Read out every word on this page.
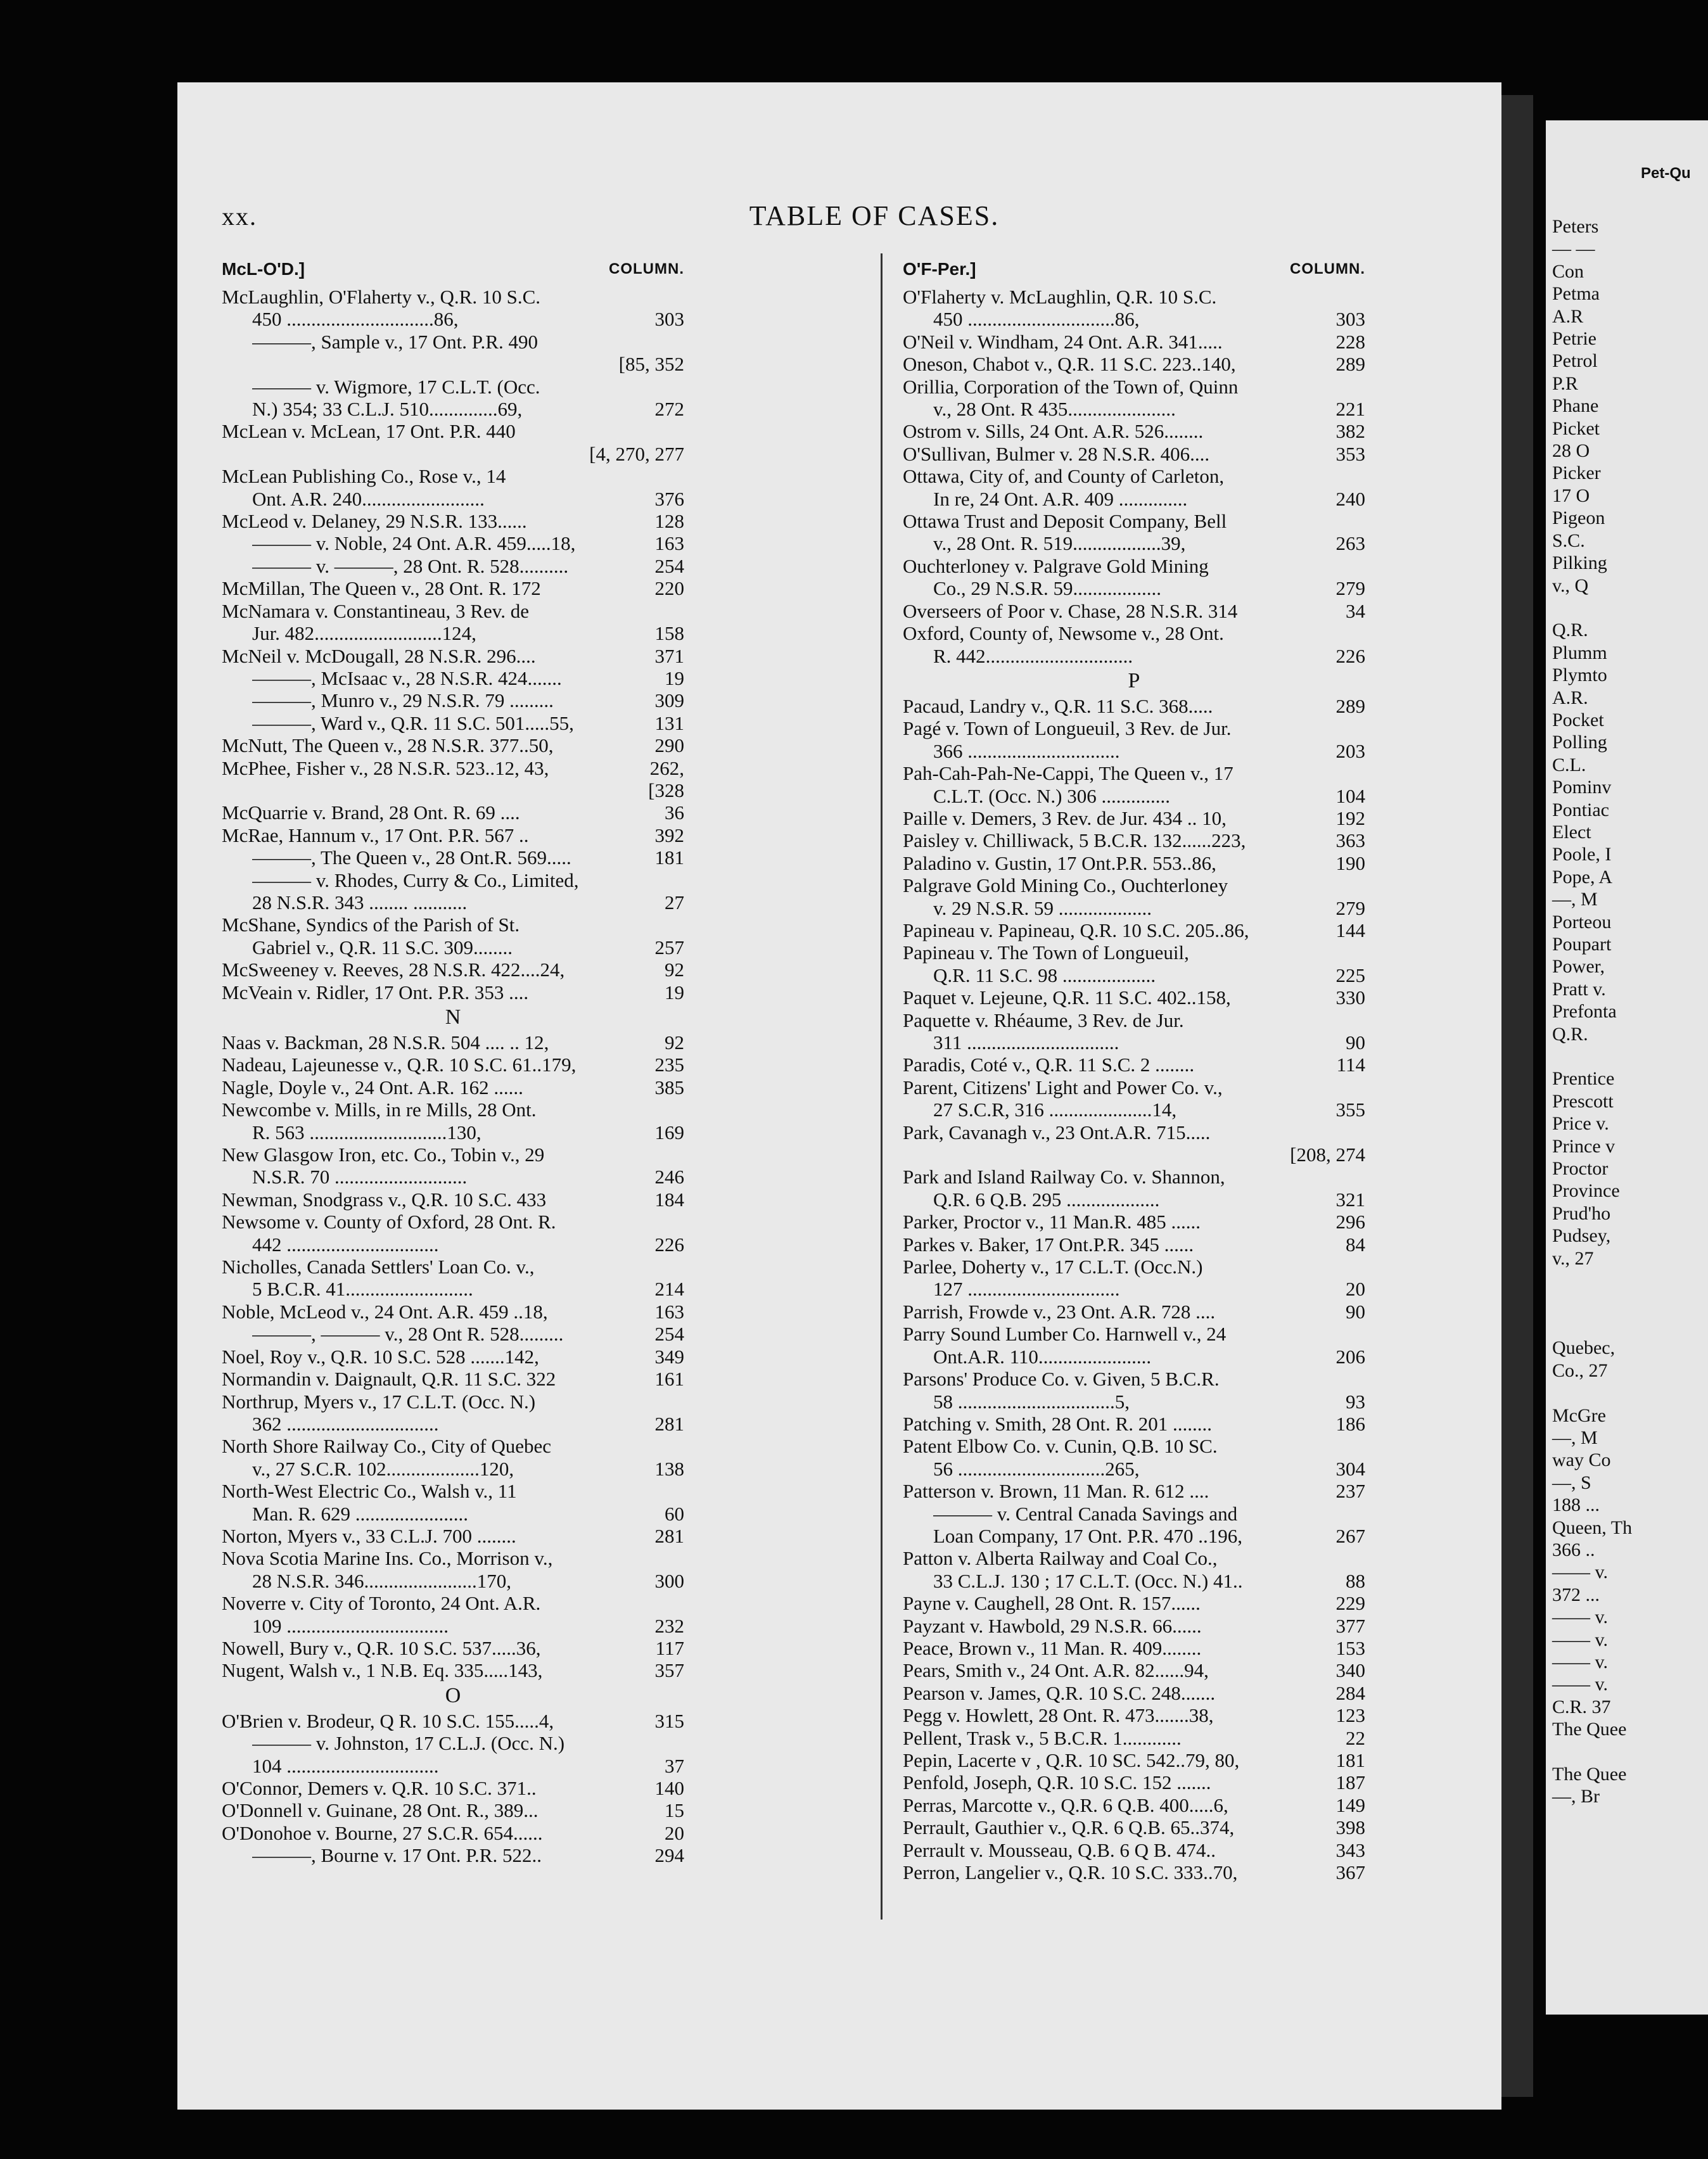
xx.	TABLE OF CASES.
McL-O'D.]	COLUMN.
McLaughlin, O'Flaherty v., Q.R. 10 S.C.
450 ..............................86,	303
———, Sample v., 17 Ont. P.R. 490
[85, 352
——— v. Wigmore, 17 C.L.T. (Occ.
N.) 354; 33 C.L.J. 510..............69,	272
McLean v. McLean, 17 Ont. P.R. 440
[4, 270, 277
McLean Publishing Co., Rose v., 14
Ont. A.R. 240.........................	376
McLeod v. Delaney, 29 N.S.R. 133......	128
——— v. Noble, 24 Ont. A.R. 459.....18,	163
——— v. ———, 28 Ont. R. 528..........	254
McMillan, The Queen v., 28 Ont. R. 172	220
McNamara v. Constantineau, 3 Rev. de
Jur. 482..........................124,	158
McNeil v. McDougall, 28 N.S.R. 296....	371
———, McIsaac v., 28 N.S.R. 424.......	19
———, Munro v., 29 N.S.R. 79 .........	309
———, Ward v., Q.R. 11 S.C. 501.....55,	131
McNutt, The Queen v., 28 N.S.R. 377..50,	290
McPhee, Fisher v., 28 N.S.R. 523..12, 43,	262,
[328
McQuarrie v. Brand, 28 Ont. R. 69 ....	36
McRae, Hannum v., 17 Ont. P.R. 567 ..	392
———, The Queen v., 28 Ont.R. 569.....	181
——— v. Rhodes, Curry & Co., Limited,
28 N.S.R. 343 ........ ...........	27
McShane, Syndics of the Parish of St.
Gabriel v., Q.R. 11 S.C. 309........	257
McSweeney v. Reeves, 28 N.S.R. 422....24,	92
McVeain v. Ridler, 17 Ont. P.R. 353 ....	19
N
Naas v. Backman, 28 N.S.R. 504 .... .. 12,	92
Nadeau, Lajeunesse v., Q.R. 10 S.C. 61..179,	235
Nagle, Doyle v., 24 Ont. A.R. 162 ......	385
Newcombe v. Mills, in re Mills, 28 Ont.
R. 563 ............................130,	169
New Glasgow Iron, etc. Co., Tobin v., 29
N.S.R. 70 ...........................	246
Newman, Snodgrass v., Q.R. 10 S.C. 433	184
Newsome v. County of Oxford, 28 Ont. R.
442 ...............................	226
Nicholles, Canada Settlers' Loan Co. v.,
5 B.C.R. 41..........................	214
Noble, McLeod v., 24 Ont. A.R. 459 ..18,	163
———, ——— v., 28 Ont R. 528.........	254
Noel, Roy v., Q.R. 10 S.C. 528 .......142,	349
Normandin v. Daignault, Q.R. 11 S.C. 322	161
Northrup, Myers v., 17 C.L.T. (Occ. N.)
362 ...............................	281
North Shore Railway Co., City of Quebec
v., 27 S.C.R. 102...................120,	138
North-West Electric Co., Walsh v., 11
Man. R. 629 .......................	60
Norton, Myers v., 33 C.L.J. 700 ........	281
Nova Scotia Marine Ins. Co., Morrison v.,
28 N.S.R. 346.......................170,	300
Noverre v. City of Toronto, 24 Ont. A.R.
109 .................................	232
Nowell, Bury v., Q.R. 10 S.C. 537.....36,	117
Nugent, Walsh v., 1 N.B. Eq. 335.....143,	357
O
O'Brien v. Brodeur, Q R. 10 S.C. 155.....4,	315
——— v. Johnston, 17 C.L.J. (Occ. N.)
104 ...............................	37
O'Connor, Demers v. Q.R. 10 S.C. 371..	140
O'Donnell v. Guinane, 28 Ont. R., 389...	15
O'Donohoe v. Bourne, 27 S.C.R. 654......	20
———, Bourne v. 17 Ont. P.R. 522..	294
O'F-Per.]	COLUMN.
O'Flaherty v. McLaughlin, Q.R. 10 S.C.
450 ..............................86,	303
O'Neil v. Windham, 24 Ont. A.R. 341.....	228
Oneson, Chabot v., Q.R. 11 S.C. 223..140,	289
Orillia, Corporation of the Town of, Quinn
v., 28 Ont. R 435......................	221
Ostrom v. Sills, 24 Ont. A.R. 526........	382
O'Sullivan, Bulmer v. 28 N.S.R. 406....	353
Ottawa, City of, and County of Carleton,
In re, 24 Ont. A.R. 409 ..............	240
Ottawa Trust and Deposit Company, Bell
v., 28 Ont. R. 519..................39,	263
Ouchterloney v. Palgrave Gold Mining
Co., 29 N.S.R. 59..................	279
Overseers of Poor v. Chase, 28 N.S.R. 314	34
Oxford, County of, Newsome v., 28 Ont.
R. 442..............................	226
P
Pacaud, Landry v., Q.R. 11 S.C. 368.....	289
Pagé v. Town of Longueuil, 3 Rev. de Jur.
366 ...............................	203
Pah-Cah-Pah-Ne-Cappi, The Queen v., 17
C.L.T. (Occ. N.) 306 ..............	104
Paille v. Demers, 3 Rev. de Jur. 434 .. 10,	192
Paisley v. Chilliwack, 5 B.C.R. 132......223,	363
Paladino v. Gustin, 17 Ont.P.R. 553..86,	190
Palgrave Gold Mining Co., Ouchterloney
v. 29 N.S.R. 59 ...................	279
Papineau v. Papineau, Q.R. 10 S.C. 205..86,	144
Papineau v. The Town of Longueuil,
Q.R. 11 S.C. 98 ...................	225
Paquet v. Lejeune, Q.R. 11 S.C. 402..158,	330
Paquette v. Rhéaume, 3 Rev. de Jur.
311 ...............................	90
Paradis, Coté v., Q.R. 11 S.C. 2 ........	114
Parent, Citizens' Light and Power Co. v.,
27 S.C.R, 316 .....................14,	355
Park, Cavanagh v., 23 Ont.A.R. 715.....
[208, 274
Park and Island Railway Co. v. Shannon,
Q.R. 6 Q.B. 295 ...................	321
Parker, Proctor v., 11 Man.R. 485 ......	296
Parkes v. Baker, 17 Ont.P.R. 345 ......	84
Parlee, Doherty v., 17 C.L.T. (Occ.N.)
127 ...............................	20
Parrish, Frowde v., 23 Ont. A.R. 728 ....	90
Parry Sound Lumber Co. Harnwell v., 24
Ont.A.R. 110.......................	206
Parsons' Produce Co. v. Given, 5 B.C.R.
58 ................................5,	93
Patching v. Smith, 28 Ont. R. 201 ........	186
Patent Elbow Co. v. Cunin, Q.B. 10 SC.
56 ..............................265,	304
Patterson v. Brown, 11 Man. R. 612 ....	237
——— v. Central Canada Savings and
Loan Company, 17 Ont. P.R. 470 ..196,	267
Patton v. Alberta Railway and Coal Co.,
33 C.L.J. 130 ; 17 C.L.T. (Occ. N.) 41..	88
Payne v. Caughell, 28 Ont. R. 157......	229
Payzant v. Hawbold, 29 N.S.R. 66......	377
Peace, Brown v., 11 Man. R. 409........	153
Pears, Smith v., 24 Ont. A.R. 82......94,	340
Pearson v. James, Q.R. 10 S.C. 248.......	284
Pegg v. Howlett, 28 Ont. R. 473.......38,	123
Pellent, Trask v., 5 B.C.R. 1............	22
Pepin, Lacerte v , Q.R. 10 SC. 542..79, 80,	181
Penfold, Joseph, Q.R. 10 S.C. 152 .......	187
Perras, Marcotte v., Q.R. 6 Q.B. 400.....6,	149
Perrault, Gauthier v., Q.R. 6 Q.B. 65..374,	398
Perrault v. Mousseau, Q.B. 6 Q B. 474..	343
Perron, Langelier v., Q.R. 10 S.C. 333..70,	367
Pet-Qu
Peters
— —
Con
Petma
A.R
Petrie
Petrol
P.R
Phane
Picket
28 O
Picker
17 O
Pigeon
S.C.
Pilking
v., Q

Q.R.
Plumm
Plymto
A.R.
Pocket
Polling
C.L.
Pominv
Pontiac
Elect
Poole, I
Pope, A
—, M
Porteou
Poupart
Power,
Pratt v.
Prefonta
Q.R.

Prentice
Prescott
Price v.
Prince v
Proctor
Province
Prud'ho
Pudsey,
v., 27

Quebec,
Co., 27

McGre
—, M
way Co
—, S
188 ...
Queen, Th
366 ..
—— v.
372 ...
—— v.
—— v.
—— v.
—— v.
C.R. 37
The Quee

The Quee
—, Br
